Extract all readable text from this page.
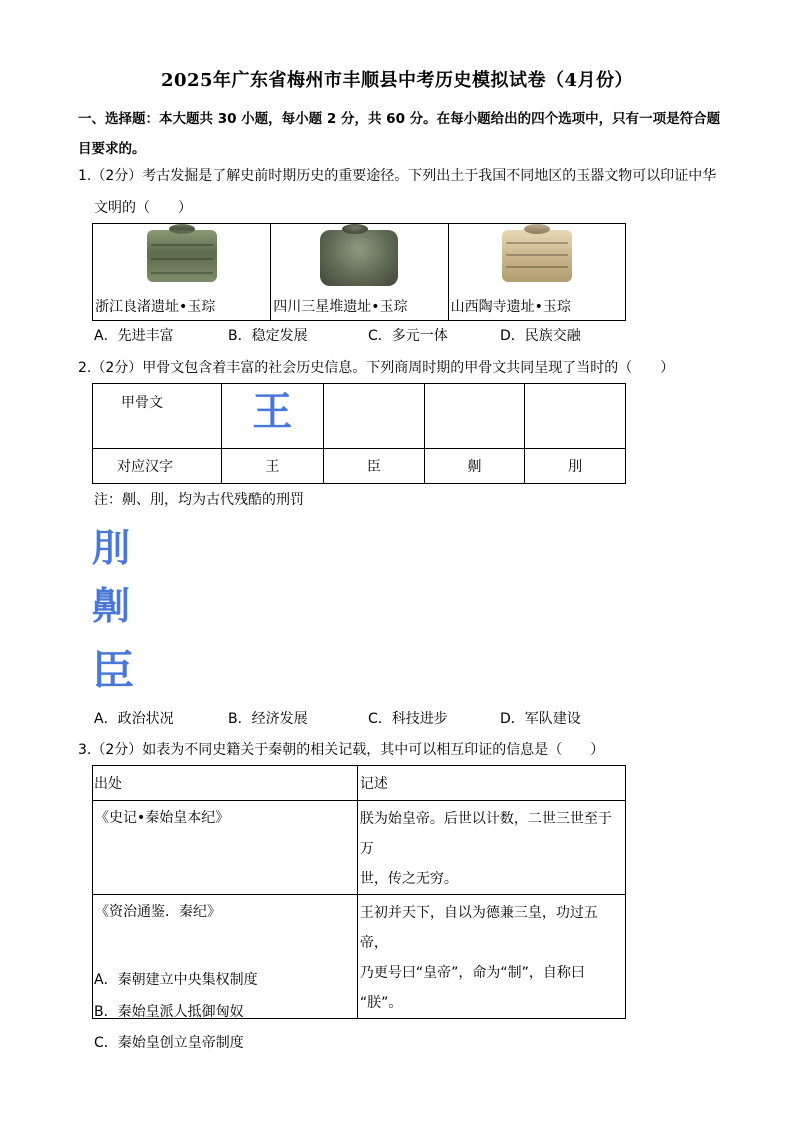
2025年广东省梅州市丰顺县中考历史模拟试卷（4月份）
一、选择题：本大题共 30 小题，每小题 2 分，共 60 分。在每小题给出的四个选项中，只有一项是符合题
目要求的。
1.（2分）考古发掘是了解史前时期历史的重要途径。下列出土于我国不同地区的玉器文物可以印证中华
文明的（　　）
浙江良渚遗址•玉琮	四川三星堆遗址•玉琮	山西陶寺遗址•玉琮
A．先进丰富	B．稳定发展	C．多元一体	D．民族交融
2.（2分）甲骨文包含着丰富的社会历史信息。下列商周时期的甲骨文共同呈现了当时的（　　）
甲骨文	王			

对应汉字	王	臣	劓	刖
注：劓、刖，均为古代残酷的刑罚
刖
劓
臣
A．政治状况	B．经济发展	C．科技进步	D．军队建设
3.（2分）如表为不同史籍关于秦朝的相关记载，其中可以相互印证的信息是（　　）
出处	记述
《史记•秦始皇本纪》	朕为始皇帝。后世以计数，二世三世至于万
世，传之无穷。

《资治通鉴．秦纪》	王初并天下，自以为德兼三皇，功过五帝，
乃更号曰“皇帝”，命为“制”，自称曰
“朕”。
A．秦朝建立中央集权制度
B．秦始皇派人抵御匈奴
C．秦始皇创立皇帝制度
